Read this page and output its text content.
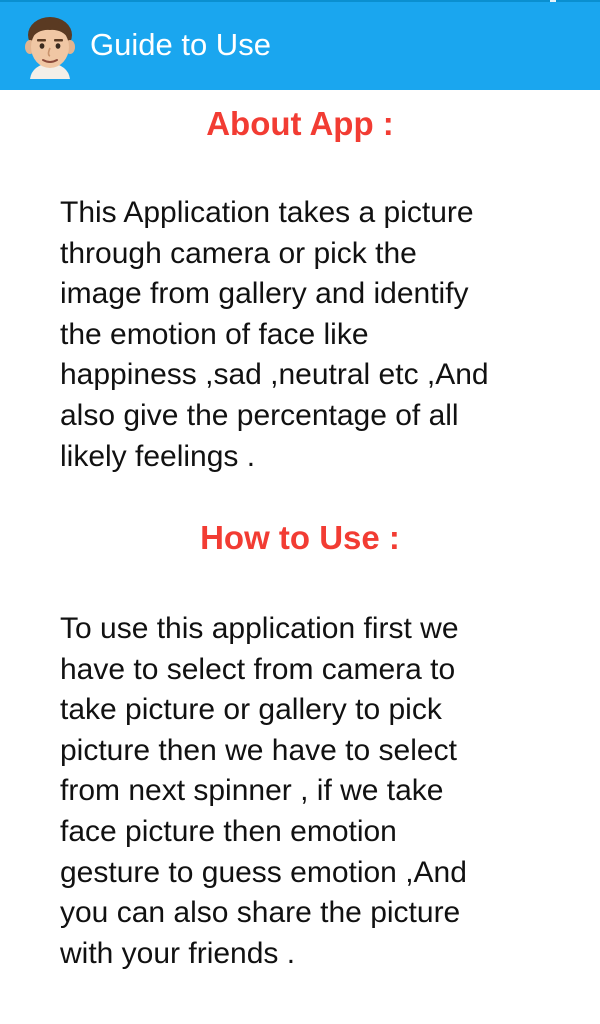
Guide to Use
About App :
This Application takes a picture
through camera or pick the
image from gallery and identify
the emotion of face like
happiness ,sad ,neutral etc ,And
also give the percentage of all
likely feelings .
How to Use :
To use this application first we
have to select from camera to
take picture or gallery to pick
picture then we have to select
from next spinner , if we take
face picture then emotion
gesture to guess emotion ,And
you can also share the picture
with your friends .
